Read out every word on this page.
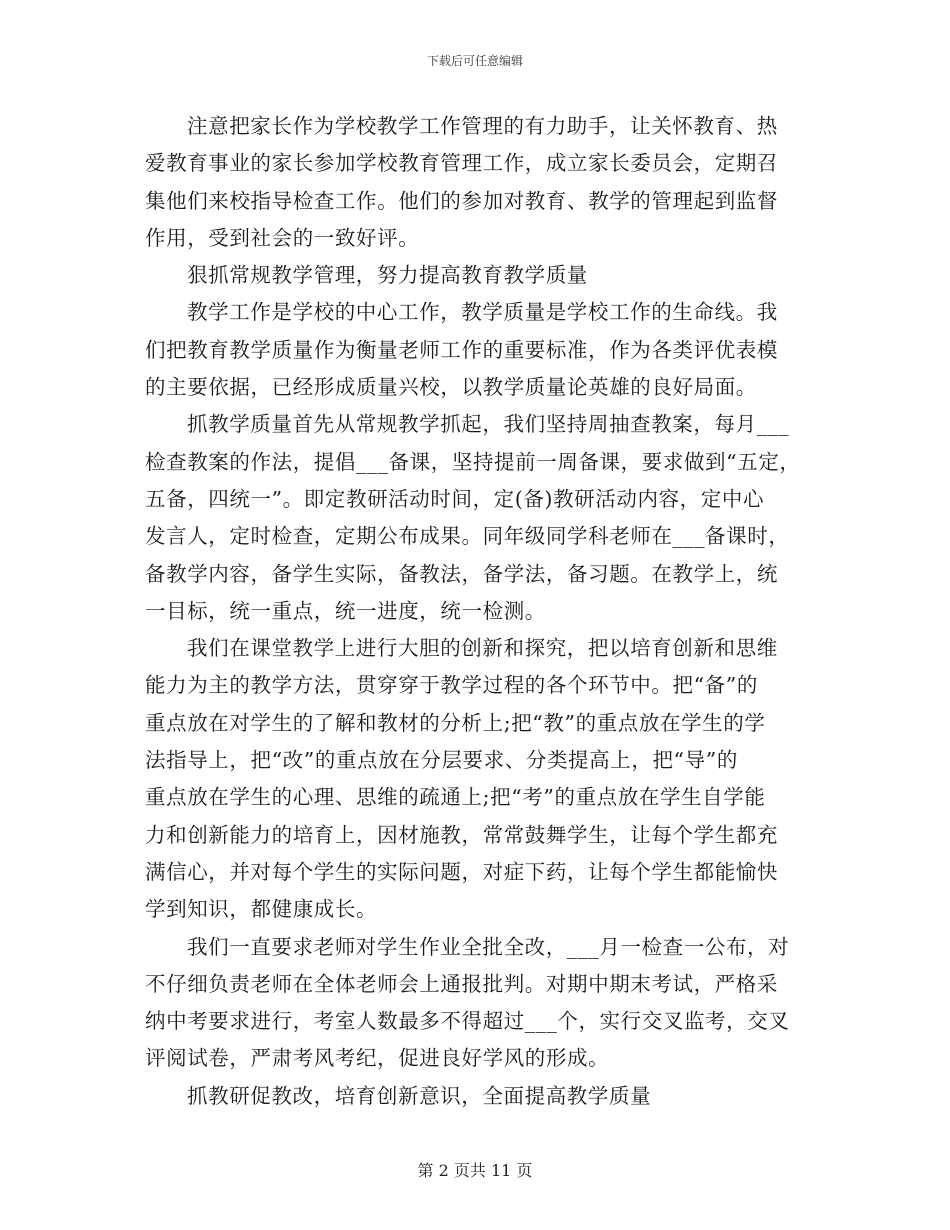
下载后可任意编辑
注意把家长作为学校教学工作管理的有力助手，让关怀教育、热
爱教育事业的家长参加学校教育管理工作，成立家长委员会，定期召
集他们来校指导检查工作。他们的参加对教育、教学的管理起到监督
作用，受到社会的一致好评。
狠抓常规教学管理，努力提高教育教学质量
教学工作是学校的中心工作，教学质量是学校工作的生命线。我
们把教育教学质量作为衡量老师工作的重要标准，作为各类评优表模
的主要依据，已经形成质量兴校，以教学质量论英雄的良好局面。
抓教学质量首先从常规教学抓起，我们坚持周抽查教案，每月___
检查教案的作法，提倡___备课，坚持提前一周备课，要求做到“五定，
五备，四统一”。即定教研活动时间，定(备)教研活动内容，定中心
发言人，定时检查，定期公布成果。同年级同学科老师在___备课时，
备教学内容，备学生实际，备教法，备学法，备习题。在教学上，统
一目标，统一重点，统一进度，统一检测。
我们在课堂教学上进行大胆的创新和探究，把以培育创新和思维
能力为主的教学方法，贯穿穿于教学过程的各个环节中。把“备”的
重点放在对学生的了解和教材的分析上;把“教”的重点放在学生的学
法指导上，把“改”的重点放在分层要求、分类提高上，把“导”的
重点放在学生的心理、思维的疏通上;把“考”的重点放在学生自学能
力和创新能力的培育上，因材施教，常常鼓舞学生，让每个学生都充
满信心，并对每个学生的实际问题，对症下药，让每个学生都能愉快
学到知识，都健康成长。
我们一直要求老师对学生作业全批全改，___月一检查一公布，对
不仔细负责老师在全体老师会上通报批判。对期中期末考试，严格采
纳中考要求进行，考室人数最多不得超过___个，实行交叉监考，交叉
评阅试卷，严肃考风考纪，促进良好学风的形成。
抓教研促教改，培育创新意识，全面提高教学质量
第 2 页共 11 页
